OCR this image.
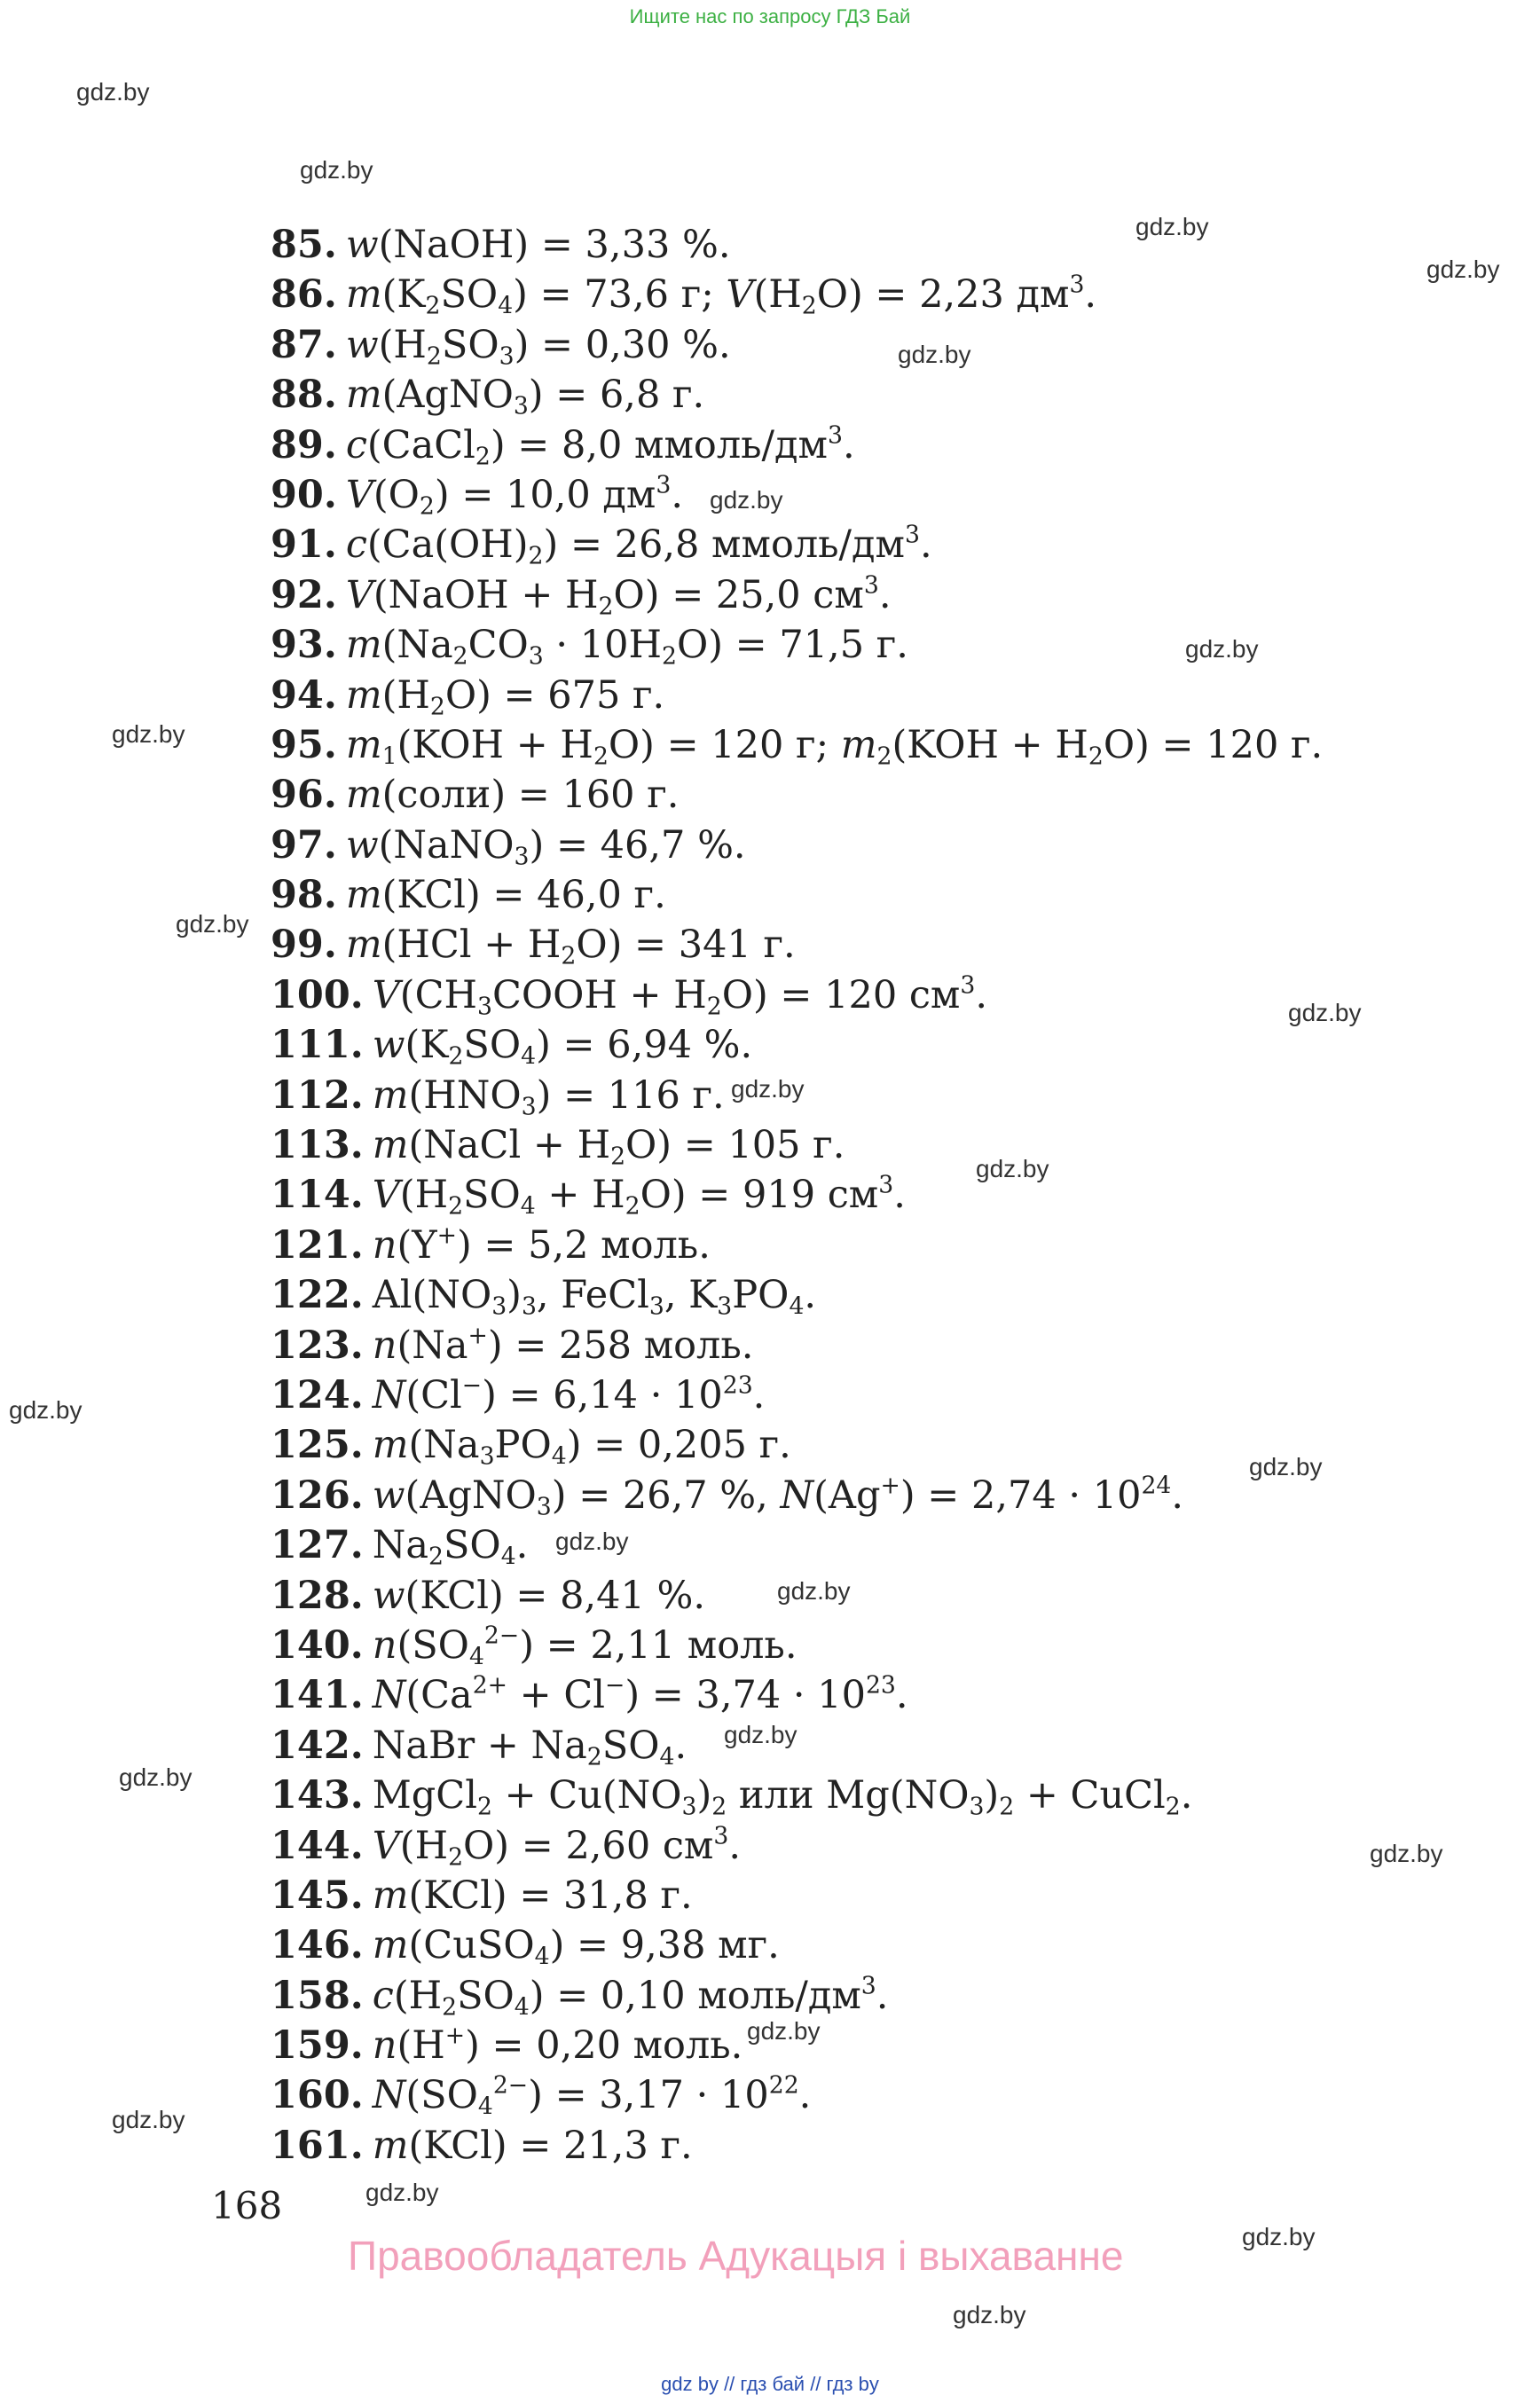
Ищите нас по запросу ГДЗ Бай
gdz.by
gdz.by
gdz.by
gdz.by
gdz.by
gdz.by
gdz.by
gdz.by
gdz.by
gdz.by
gdz.by
gdz.by
gdz.by
gdz.by
gdz.by
gdz.by
gdz.by
gdz.by
gdz.by
gdz.by
gdz.by
gdz.by
gdz.by
gdz.by
85. w(NaOH) = 3,33 %.
86. $m(K_2SO_4) = 73,6$ г; $V(H_2O) = 2,23$ $дм^3$.
87. $w(H_2SO_3) = 0,30$ %.
88. m(AgNO$_3$) = 6,8 г.
89. c(CaCl$_2$) = 8,0 ммоль/$дм^3$.
90. $V(O_2) = 10,0$ $дм^3$.
91. $c(Ca(OH)_2) = 26,8$ ммоль/$дм^3$.
92. V(NaOH + $H_2O) = 25,0$ $см^3$.
93. $m(Na_2CO_3 \cdot 10H_2O) = 71,5$ г.
94. $m(H_2O) = 675$ г.
95. $m_1(KOH + H_2O) = 120$ г; $m_2(KOH + H_2O) = 120$ г.
96. m(соли) = 160 г.
97. w(NaNO$_3$) = 46,7 %.
98. m(KCl) = 46,0 г.
99. $m(HCl + H_2O) = 341$ г.
100. $V(CH_3COOH + H_2O) = 120$ $см^3$.
111. $w(K_2SO_4) = 6,94$ %.
112. $m(HNO_3) = 116$ г.
113. m(NaCl + $H_2O) = 105$ г.
114. $V(H_2SO_4 + H_2O) = 919$ $см^3$.
121. n(Y+) = 5,2 моль.
122. $Al(NO_3)_3$, FeCl$_3$, $K_3PO_4$.
123. n(Na+) = 258 моль.
124. $N(Cl^-) = 6,14 \cdot 10^{23}$.
125. $m(Na_3PO_4) = 0,205$ г.
126. w(AgNO$_3$) = 26,7 %, $N(Ag^+) = 2,74 \cdot 10^{24}$.
127. $Na_2SO_4$.
128. w(KCl) = 8,41 %.
140. $n(SO_4^{2-}) = 2,11$ моль.
141. $N(Ca^{2+} + Cl^-) = 3,74 \cdot 10^{23}$.
142. NaBr + $Na_2SO_4$.
143. MgCl$_2$ + $Cu(NO_3)_2$ или $Mg(NO_3)_2$ + CuCl$_2$.
144. $V(H_2O) = 2,60$ $см^3$.
145. m(KCl) = 31,8 г.
146. m(CuSO$_4$) = 9,38 мг.
158. $c(H_2SO_4) = 0,10$ моль/$дм^3$.
159. n(H+) = 0,20 моль.
160. $N(SO_4^{2-}) = 3,17 \cdot 10^{22}$.
161. m(KCl) = 21,3 г.
168
Правообладатель Адукацыя і выхаванне
gdz by // гдз бай // гдз by
